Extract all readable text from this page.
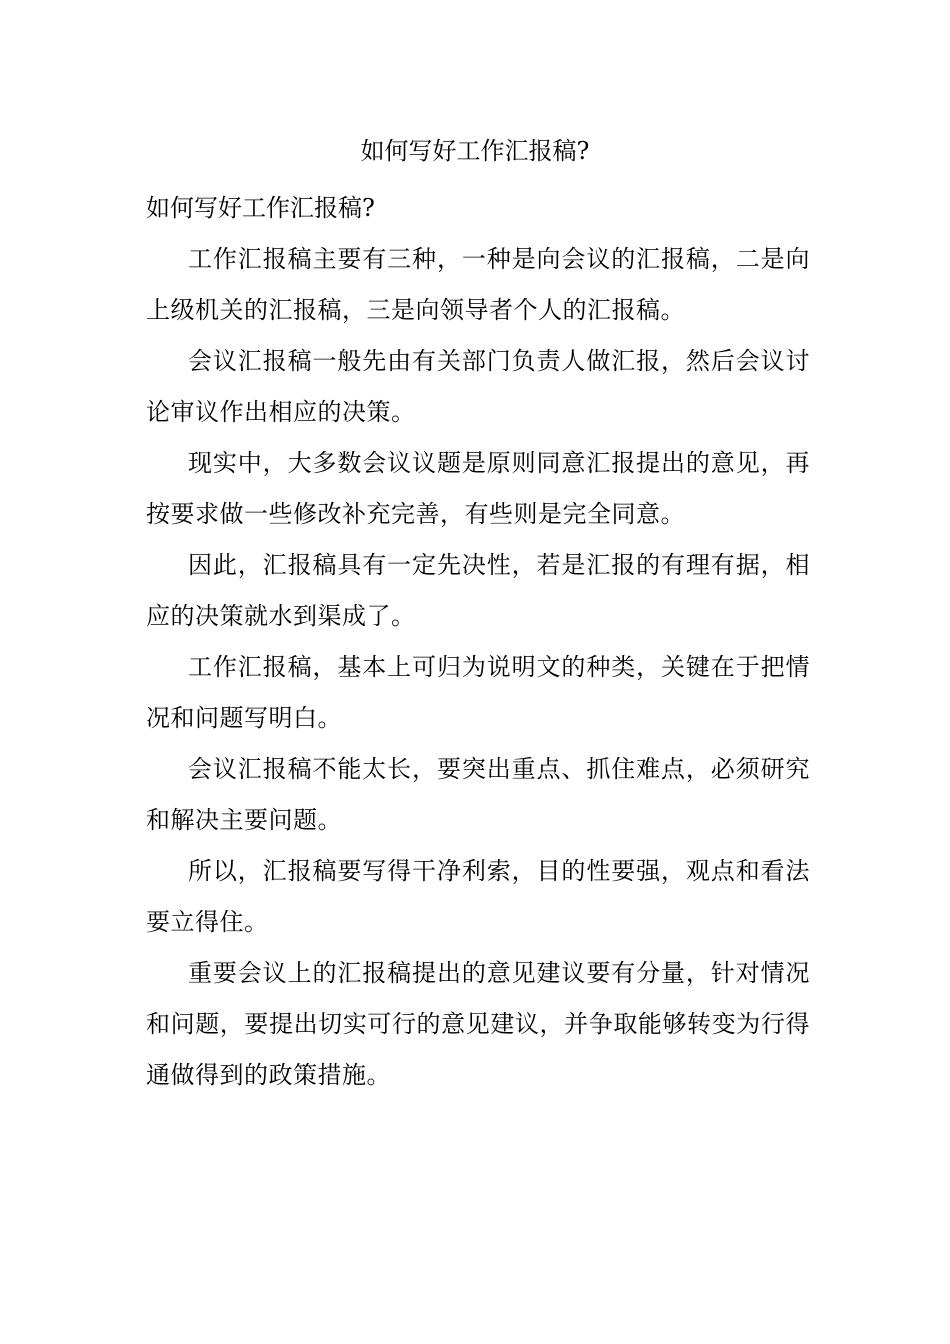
如何写好工作汇报稿?

如何写好工作汇报稿?

工作汇报稿主要有三种，一种是向会议的汇报稿，二是向上级机关的汇报稿，三是向领导者个人的汇报稿。

会议汇报稿一般先由有关部门负责人做汇报，然后会议讨论审议作出相应的决策。

现实中，大多数会议议题是原则同意汇报提出的意见，再按要求做一些修改补充完善，有些则是完全同意。

因此，汇报稿具有一定先决性，若是汇报的有理有据，相应的决策就水到渠成了。

工作汇报稿，基本上可归为说明文的种类，关键在于把情况和问题写明白。

会议汇报稿不能太长，要突出重点、抓住难点，必须研究和解决主要问题。

所以，汇报稿要写得干净利索，目的性要强，观点和看法要立得住。

重要会议上的汇报稿提出的意见建议要有分量，针对情况和问题，要提出切实可行的意见建议，并争取能够转变为行得通做得到的政策措施。
